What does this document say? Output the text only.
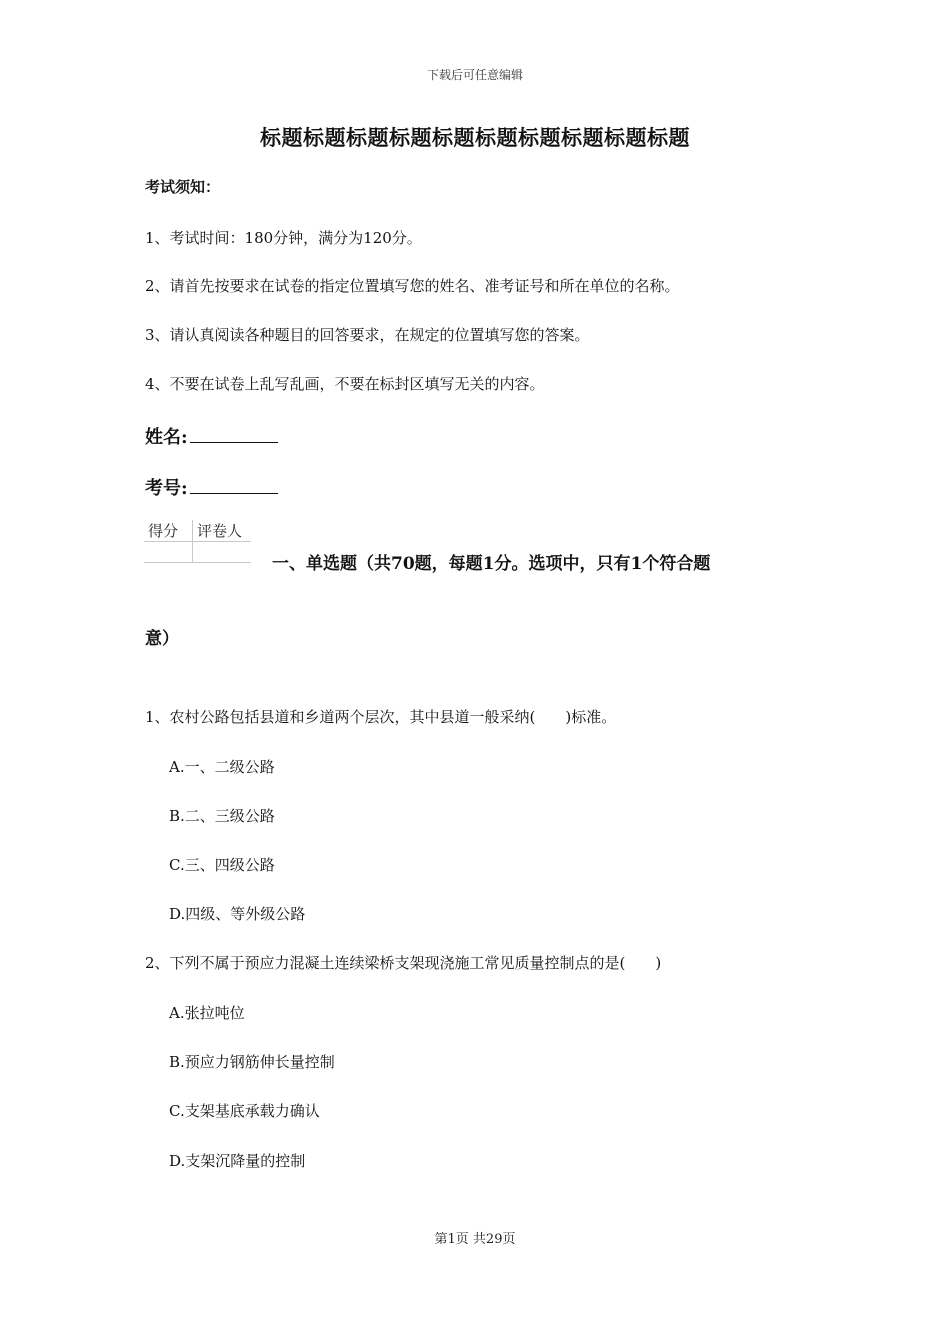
下载后可任意编辑
标题标题标题标题标题标题标题标题标题标题
考试须知：
1、考试时间：180分钟，满分为120分。
2、请首先按要求在试卷的指定位置填写您的姓名、准考证号和所在单位的名称。
3、请认真阅读各种题目的回答要求，在规定的位置填写您的答案。
4、不要在试卷上乱写乱画，不要在标封区填写无关的内容。
姓名:
考号:
得分	评卷人

一、单选题（共70题，每题1分。选项中，只有1个符合题
意）
1、农村公路包括县道和乡道两个层次，其中县道一般采纳(　　)标准。
A.一、二级公路
B.二、三级公路
C.三、四级公路
D.四级、等外级公路
2、下列不属于预应力混凝土连续梁桥支架现浇施工常见质量控制点的是(　　)
A.张拉吨位
B.预应力钢筋伸长量控制
C.支架基底承载力确认
D.支架沉降量的控制
第1页 共29页
